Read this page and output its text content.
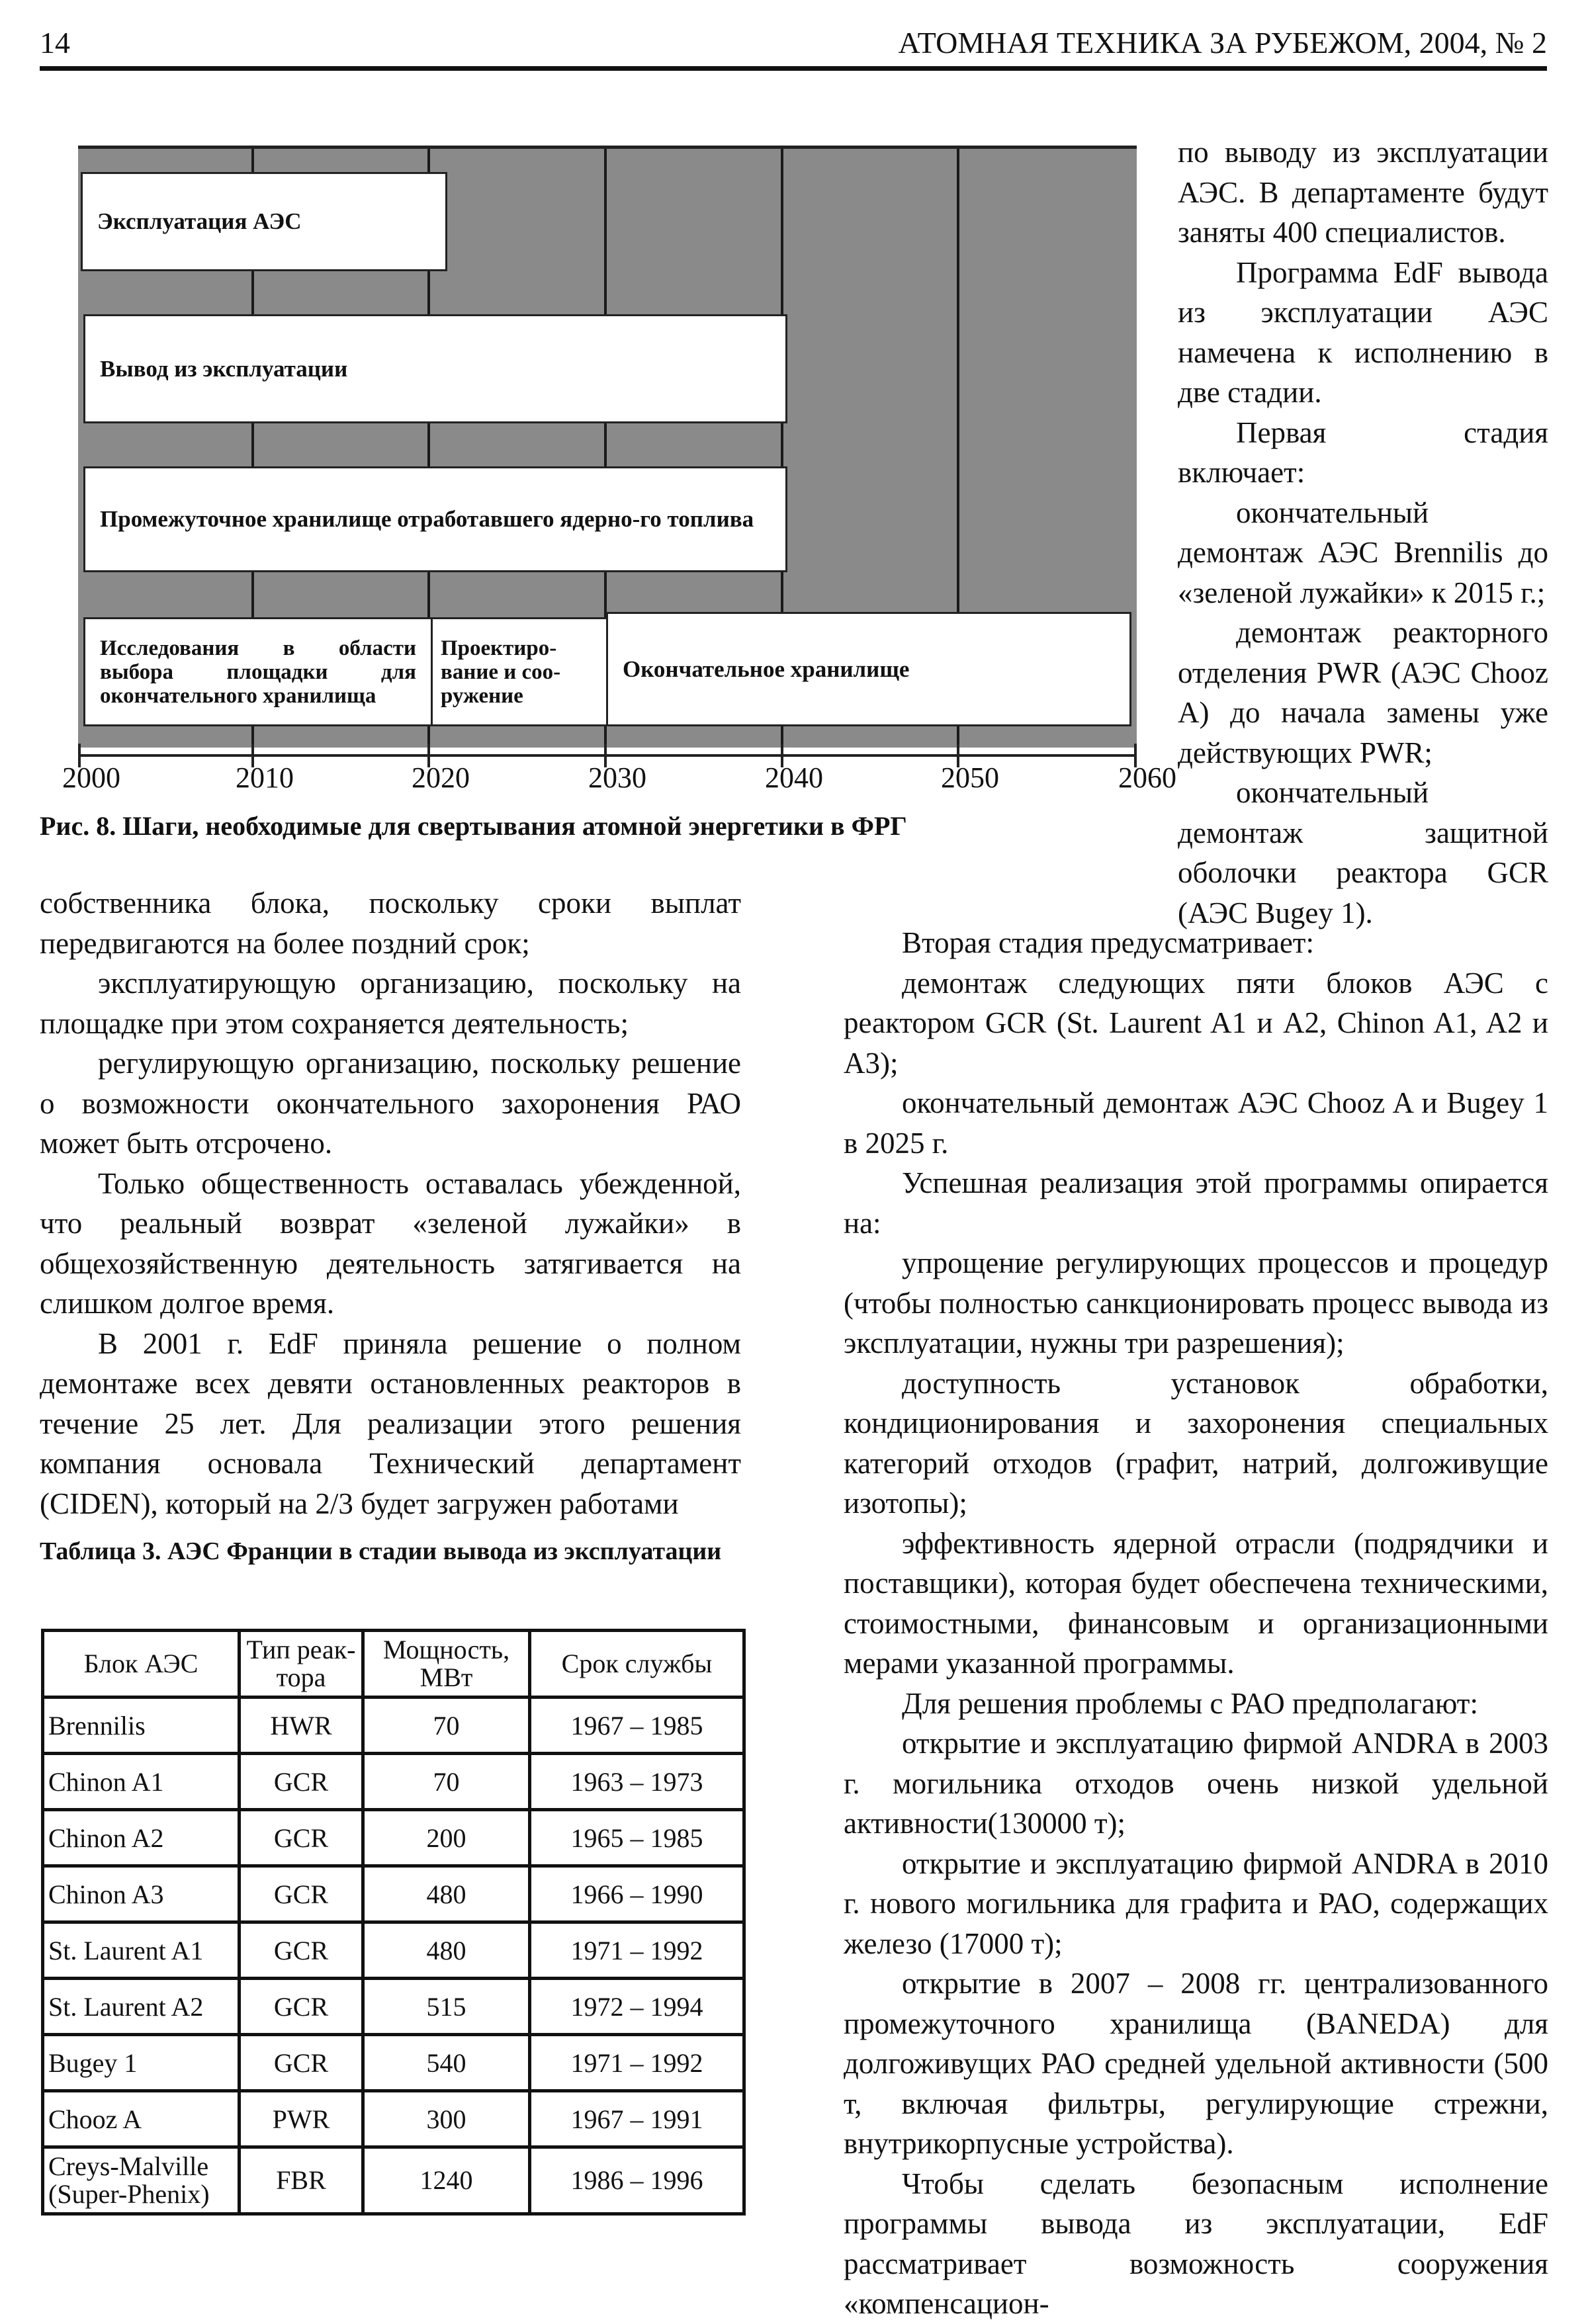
14	АТОМНАЯ ТЕХНИКА ЗА РУБЕЖОМ, 2004, № 2
Эксплуатация АЭС
Вывод из эксплуатации
Промежуточное хранилище отработавшего ядерно-го топлива
Исследования в области выбора площадки для окончательного хранилища
Проектиро-вание и соо-ружение
Окончательное хранилище
2000	2010	2020	2030	2040	2050	2060
Рис. 8. Шаги, необходимые для свертывания атомной энергетики в ФРГ

по выводу из эксплуатации АЭС. В департаменте будут заняты 400 специалистов.

Программа EdF вывода из эксплуатации АЭС намечена к исполнению в две стадии.

Первая стадия включает:

окончательный демонтаж АЭС Brennilis до «зеленой лужайки» к 2015 г.;

демонтаж реакторного отделения PWR (АЭС Chooz A) до начала замены уже действующих PWR;

окончательный демонтаж защитной оболочки реактора GCR (АЭС Bugey 1).

собственника блока, поскольку сроки выплат передвигаются на более поздний срок;

эксплуатирующую организацию, поскольку на площадке при этом сохраняется деятельность;

регулирующую организацию, поскольку решение о возможности окончательного захоронения РАО может быть отсрочено.

Только общественность оставалась убежденной, что реальный возврат «зеленой лужайки» в общехозяйственную деятельность затягивается на слишком долгое время.

В 2001 г. EdF приняла решение о полном демонтаже всех девяти остановленных реакторов в течение 25 лет. Для реализации этого решения компания основала Технический департамент (CIDEN), который на 2/3 будет загружен работами

Вторая стадия предусматривает:

демонтаж следующих пяти блоков АЭС с реактором GCR (St. Laurent A1 и A2, Chinon A1, A2 и A3);

окончательный демонтаж АЭС Chooz A и Bugey 1 в 2025 г.

Успешная реализация этой программы опирается на:

упрощение регулирующих процессов и процедур (чтобы полностью санкционировать процесс вывода из эксплуатации, нужны три разрешения);

доступность установок обработки, кондиционирования и захоронения специальных категорий отходов (графит, натрий, долгоживущие изотопы);

эффективность ядерной отрасли (подрядчики и поставщики), которая будет обеспечена техническими, стоимостными, финансовым и организационными мерами указанной программы.

Для решения проблемы с РАО предполагают:

открытие и эксплуатацию фирмой ANDRA в 2003 г. могильника отходов очень низкой удельной активности(130000 т);

открытие и эксплуатацию фирмой ANDRA в 2010 г. нового могильника для графита и РАО, содержащих железо (17000 т);

открытие в 2007 – 2008 гг. централизованного промежуточного хранилища (BANEDA) для долгоживущих РАО средней удельной активности (500 т, включая фильтры, регулирующие стрежни, внутрикорпусные устройства).

Чтобы сделать безопасным исполнение программы вывода из эксплуатации, EdF рассматривает возможность сооружения «компенсацион-

Таблица 3. АЭС Франции в стадии вывода из эксплуатации
Блок АЭС	Тип реак-тора	Мощность, МВт	Срок службы
Brennilis	HWR	70	1967 – 1985
Chinon A1	GCR	70	1963 – 1973
Chinon A2	GCR	200	1965 – 1985
Chinon A3	GCR	480	1966 – 1990
St. Laurent A1	GCR	480	1971 – 1992
St. Laurent A2	GCR	515	1972 – 1994
Bugey 1	GCR	540	1971 – 1992
Chooz A	PWR	300	1967 – 1991
Creys-Malville (Super-Phenix)	FBR	1240	1986 – 1996
